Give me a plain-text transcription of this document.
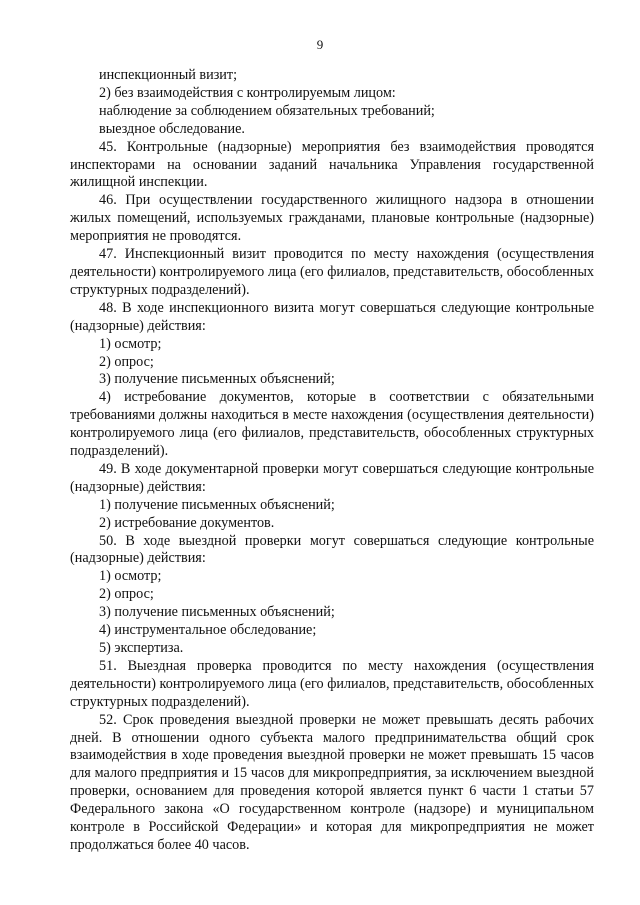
9

инспекционный визит;

2) без взаимодействия с контролируемым лицом:

наблюдение за соблюдением обязательных требований;

выездное обследование.

45. Контрольные (надзорные) мероприятия без взаимодействия проводятся инспекторами на основании заданий начальника Управления государственной жилищной инспекции.

46. При осуществлении государственного жилищного надзора в отношении жилых помещений, используемых гражданами, плановые контрольные (надзорные) мероприятия не проводятся.

47. Инспекционный визит проводится по месту нахождения (осуществления деятельности) контролируемого лица (его филиалов, представительств, обособленных структурных подразделений).

48. В ходе инспекционного визита могут совершаться следующие контрольные (надзорные) действия:

1) осмотр;

2) опрос;

3) получение письменных объяснений;

4) истребование документов, которые в соответствии с обязательными требованиями должны находиться в месте нахождения (осуществления деятельности) контролируемого лица (его филиалов, представительств, обособленных структурных подразделений).

49. В ходе документарной проверки могут совершаться следующие контрольные (надзорные) действия:

1) получение письменных объяснений;

2) истребование документов.

50. В ходе выездной проверки могут совершаться следующие контрольные (надзорные) действия:

1) осмотр;

2) опрос;

3) получение письменных объяснений;

4) инструментальное обследование;

5) экспертиза.

51. Выездная проверка проводится по месту нахождения (осуществления деятельности) контролируемого лица (его филиалов, представительств, обособленных структурных подразделений).

52. Срок проведения выездной проверки не может превышать десять рабочих дней. В отношении одного субъекта малого предпринимательства общий срок взаимодействия в ходе проведения выездной проверки не может превышать 15 часов для малого предприятия и 15 часов для микропредприятия, за исключением выездной проверки, основанием для проведения которой является пункт 6 части 1 статьи 57 Федерального закона «О государственном контроле (надзоре) и муниципальном контроле в Российской Федерации» и которая для микропредприятия не может продолжаться более 40 часов.
